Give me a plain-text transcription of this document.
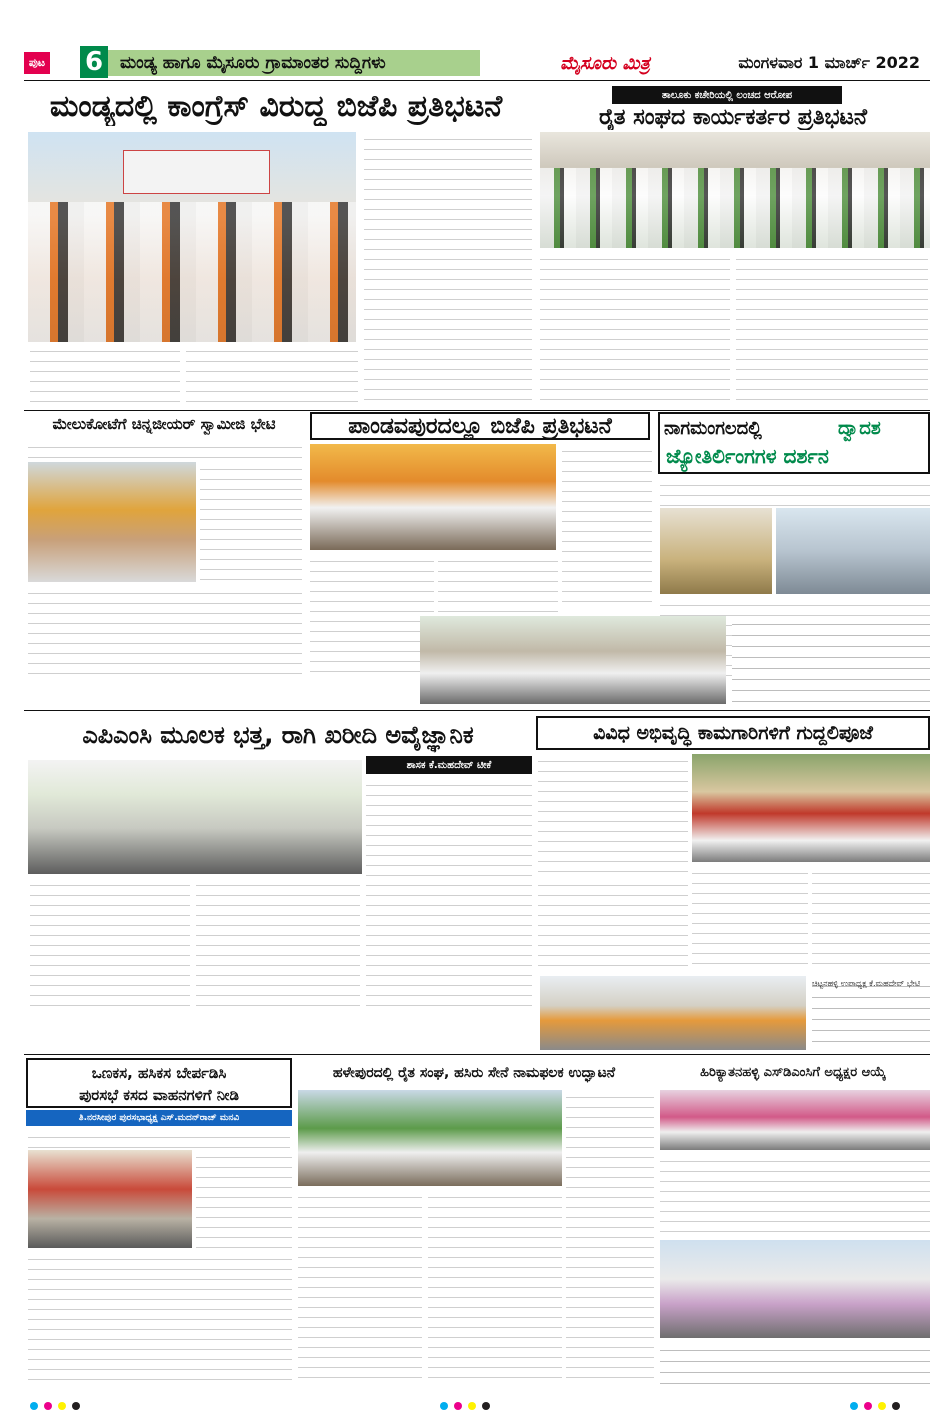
ಪುಟ 6 ಮಂಡ್ಯ ಹಾಗೂ ಮೈಸೂರು ಗ್ರಾಮಾಂತರ ಸುದ್ದಿಗಳು	ಮೈಸೂರು ಮಿತ್ರ	ಮಂಗಳವಾರ 1 ಮಾರ್ಚ್ 2022
ಮಂಡ್ಯದಲ್ಲಿ ಕಾಂಗ್ರೆಸ್ ವಿರುದ್ಧ ಬಿಜೆಪಿ ಪ್ರತಿಭಟನೆ	ತಾಲೂಕು ಕಚೇರಿಯಲ್ಲಿ ಲಂಚದ ಆರೋಪ
ರೈತ ಸಂಘದ ಕಾರ್ಯಕರ್ತರ ಪ್ರತಿಭಟನೆ
ಮೇಲುಕೋಟೆಗೆ ಚಿನ್ನಜೀಯರ್ ಸ್ವಾಮೀಜಿ ಭೇಟಿ	ಪಾಂಡವಪುರದಲ್ಲೂ ಬಿಜೆಪಿ ಪ್ರತಿಭಟನೆ	ನಾಗಮಂಗಲದಲ್ಲಿ	ದ್ವಾದಶ
ಜ್ಯೋತಿರ್ಲಿಂಗಗಳ ದರ್ಶನ
ಎಪಿಎಂಸಿ ಮೂಲಕ ಭತ್ತ, ರಾಗಿ ಖರೀದಿ ಅವೈಜ್ಞಾನಿಕ	ವಿವಿಧ ಅಭಿವೃದ್ಧಿ ಕಾಮಗಾರಿಗಳಿಗೆ ಗುದ್ದಲಿಪೂಜೆ
ಶಾಸಕ ಕೆ.ಮಹದೇವ್ ಟೀಕೆ
ಚಿಟ್ಟನಹಳ್ಳಿ ಉಪಾಧ್ಯಕ್ಷ ಕೆ.ಮಹದೇವ್ ಭೇಟಿ
ಒಣಕಸ, ಹಸಿಕಸ ಬೇರ್ಪಡಿಸಿ
ಪುರಸಭೆ ಕಸದ ವಾಹನಗಳಿಗೆ ನೀಡಿ
ತಿ.ನರಸೀಪುರ ಪುರಸಭಾಧ್ಯಕ್ಷ ಎಸ್.ಮದನ್‌ರಾಜ್ ಮನವಿ
ಹಳೇಪುರದಲ್ಲಿ ರೈತ ಸಂಘ, ಹಸಿರು ಸೇನೆ ನಾಮಫಲಕ ಉದ್ಘಾಟನೆ	ಹಿರಿಕ್ಯಾತನಹಳ್ಳಿ ಎಸ್‌ಡಿಎಂಸಿಗೆ ಅಧ್ಯಕ್ಷರ ಆಯ್ಕೆ
